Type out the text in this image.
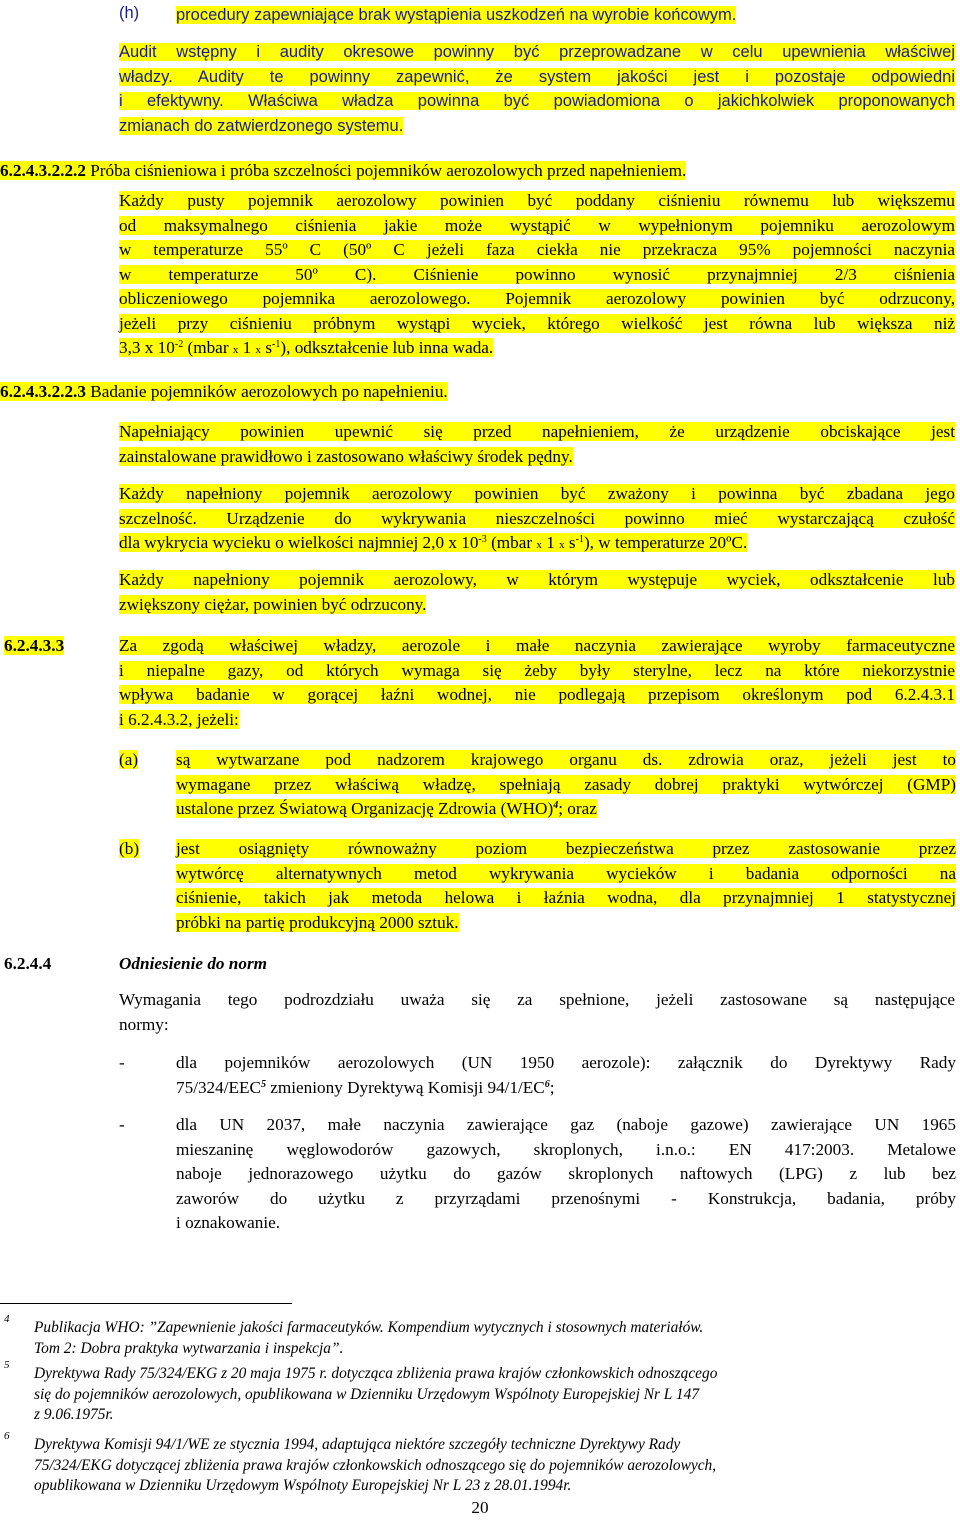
(h) procedury zapewniające brak wystąpienia uszkodzeń na wyrobie końcowym.
Audit wstępny i audity okresowe powinny być przeprowadzane w celu upewnienia właściwej
władzy. Audity te powinny zapewnić, że system jakości jest i pozostaje odpowiedni
i efektywny. Właściwa władza powinna być powiadomiona o jakichkolwiek proponowanych
zmianach do zatwierdzonego systemu.
6.2.4.3.2.2.2 Próba ciśnieniowa i próba szczelności pojemników aerozolowych przed napełnieniem.
Każdy pusty pojemnik aerozolowy powinien być poddany ciśnieniu równemu lub większemu
od maksymalnego ciśnienia jakie może wystąpić w wypełnionym pojemniku aerozolowym
w temperaturze 55º C (50º C jeżeli faza ciekła nie przekracza 95% pojemności naczynia
w temperaturze 50º C). Ciśnienie powinno wynosić przynajmniej 2/3 ciśnienia
obliczeniowego pojemnika aerozolowego. Pojemnik aerozolowy powinien być odrzucony,
jeżeli przy ciśnieniu próbnym wystąpi wyciek, którego wielkość jest równa lub większa niż
3,3 x $10^{-2}$ (mbar x 1 x $s^{-1}$), odkształcenie lub inna wada.
6.2.4.3.2.2.3 Badanie pojemników aerozolowych po napełnieniu.
Napełniający powinien upewnić się przed napełnieniem, że urządzenie obciskające jest
zainstalowane prawidłowo i zastosowano właściwy środek pędny.
Każdy napełniony pojemnik aerozolowy powinien być zważony i powinna być zbadana jego
szczelność. Urządzenie do wykrywania nieszczelności powinno mieć wystarczającą czułość
dla wykrycia wycieku o wielkości najmniej 2,0 x $10^{-3}$ (mbar x 1 x $s^{-1}$), w temperaturze 20ºC.
Każdy napełniony pojemnik aerozolowy, w którym występuje wyciek, odkształcenie lub
zwiększony ciężar, powinien być odrzucony.
6.2.4.3.3	Za zgodą właściwej władzy, aerozole i małe naczynia zawierające wyroby farmaceutyczne
i niepalne gazy, od których wymaga się żeby były sterylne, lecz na które niekorzystnie
wpływa badanie w gorącej łaźni wodnej, nie podlegają przepisom określonym pod 6.2.4.3.1
i 6.2.4.3.2, jeżeli:
(a) są wytwarzane pod nadzorem krajowego organu ds. zdrowia oraz, jeżeli jest to
wymagane przez właściwą władzę, spełniają zasady dobrej praktyki wytwórczej (GMP)
ustalone przez Światową Organizację Zdrowia (WHO)$^4$; oraz
(b) jest osiągnięty równoważny poziom bezpieczeństwa przez zastosowanie przez
wytwórcę alternatywnych metod wykrywania wycieków i badania odporności na
ciśnienie, takich jak metoda helowa i łaźnia wodna, dla przynajmniej 1 statystycznej
próbki na partię produkcyjną 2000 sztuk.
6.2.4.4	Odniesienie do norm
Wymagania tego podrozdziału uważa się za spełnione, jeżeli zastosowane są następujące
normy:
-	dla pojemników aerozolowych (UN 1950 aerozole): załącznik do Dyrektywy Rady
75/324/EEC$^5$ zmieniony Dyrektywą Komisji $94/1/EC^6$;
-	dla UN 2037, małe naczynia zawierające gaz (naboje gazowe) zawierające UN 1965
mieszaninę węglowodorów gazowych, skroplonych, i.n.o.: EN 417:2003. Metalowe
naboje jednorazowego użytku do gazów skroplonych naftowych (LPG) z lub bez
zaworów do użytku z przyrządami przenośnymi - Konstrukcja, badania, próby
i oznakowanie.
4 Publikacja WHO: ”Zapewnienie jakości farmaceutyków. Kompendium wytycznych i stosownych materiałów.
Tom 2: Dobra praktyka wytwarzania i inspekcja”.
5 Dyrektywa Rady 75/324/EKG z 20 maja 1975 r. dotycząca zbliżenia prawa krajów członkowskich odnoszącego
się do pojemników aerozolowych, opublikowana w Dzienniku Urzędowym Wspólnoty Europejskiej Nr L 147
z 9.06.1975r.
6 Dyrektywa Komisji 94/1/WE ze stycznia 1994, adaptująca niektóre szczegóły techniczne Dyrektywy Rady
75/324/EKG dotyczącej zbliżenia prawa krajów członkowskich odnoszącego się do pojemników aerozolowych,
opublikowana w Dzienniku Urzędowym Wspólnoty Europejskiej Nr L 23 z 28.01.1994r.
20
